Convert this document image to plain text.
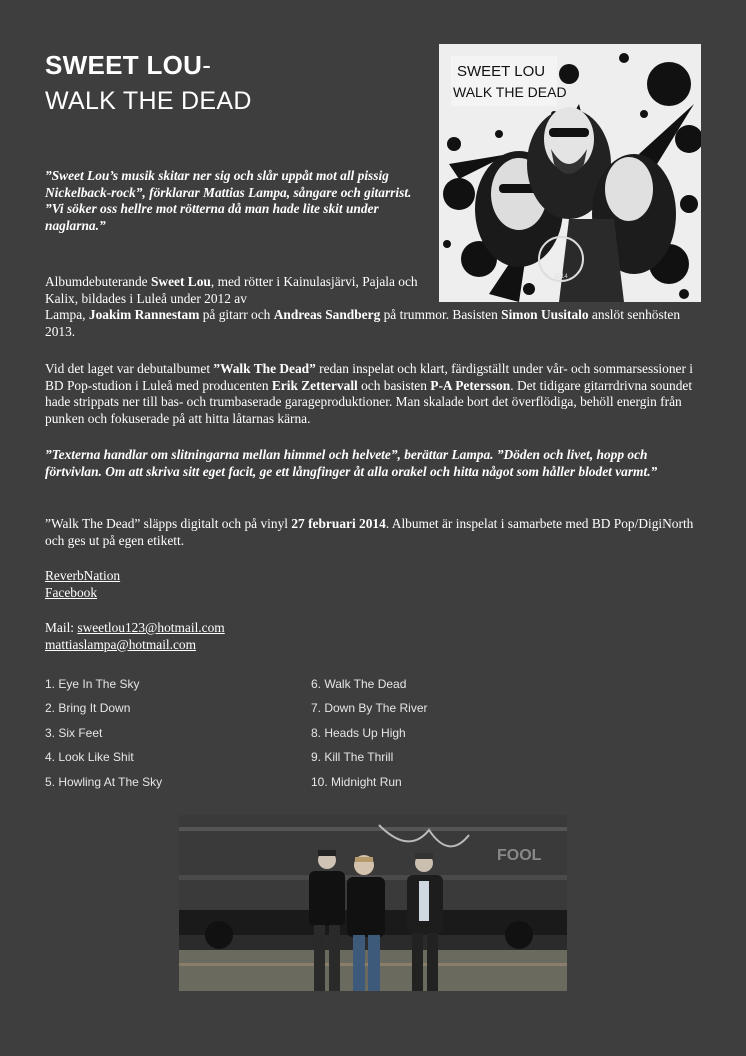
SWEET LOU-
WALK THE DEAD
2014
SWEET LOU
WALK THE DEAD
”Sweet Lou’s musik skitar ner sig och slår uppåt mot all pissig Nickelback-rock”, förklarar Mattias Lampa, sångare och gitarrist. ”Vi söker oss hellre mot rötterna då man hade lite skit under naglarna.”
Albumdebuterande Sweet Lou, med rötter i Kainulasjärvi, Pajala och Kalix, bildades i Luleå under 2012 av
Lampa, Joakim Rannestam på gitarr och Andreas Sandberg på trummor. Basisten Simon Uusitalo anslöt senhösten 2013.
Vid det laget var debutalbumet ”Walk The Dead” redan inspelat och klart, färdigställt under vår- och sommarsessioner i BD Pop-studion i Luleå med producenten Erik Zettervall och basisten P-A Petersson. Det tidigare gitarrdrivna soundet hade strippats ner till bas- och trumbaserade garageproduktioner. Man skalade bort det överflödiga, behöll energin från punken och fokuserade på att hitta låtarnas kärna.
”Texterna handlar om slitningarna mellan himmel och helvete”, berättar Lampa. ”Döden och livet, hopp och förtvivlan. Om att skriva sitt eget facit, ge ett långfinger åt alla orakel och hitta något som håller blodet varmt.”
”Walk The Dead” släpps digitalt och på vinyl 27 februari 2014. Albumet är inspelat i samarbete med BD Pop/DigiNorth och ges ut på egen etikett.
ReverbNation
Facebook
Mail: sweetlou123@hotmail.com
mattiaslampa@hotmail.com
1. Eye In The Sky
2. Bring It Down
3. Six Feet
4. Look Like Shit
5. Howling At The Sky
6. Walk The Dead
7. Down By The River
8. Heads Up High
9. Kill The Thrill
10. Midnight Run
FOOL
